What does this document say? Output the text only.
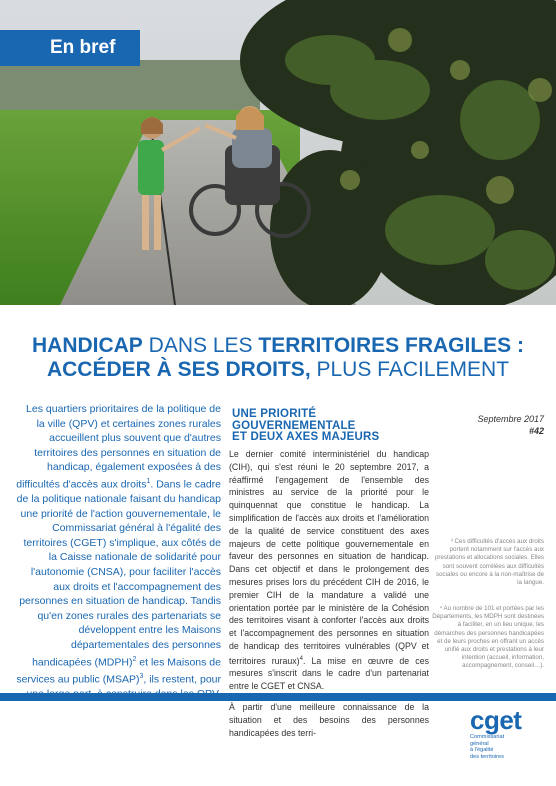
En bref
HANDICAP DANS LES TERRITOIRES FRAGILES :
ACCÉDER À SES DROITS, PLUS FACILEMENT
Les quartiers prioritaires de la politique de la ville (QPV) et certaines zones rurales accueillent plus souvent que d'autres territoires des personnes en situation de handicap, également exposées à des difficultés d'accès aux droits$^1$. Dans le cadre de la politique nationale faisant du handicap une priorité de l'action gouvernementale, le Commissariat général à l'égalité des territoires (CGET) s'implique, aux côtés de la Caisse nationale de solidarité pour l'autonomie (CNSA), pour faciliter l'accès aux droits et l'accompagnement des personnes en situation de handicap. Tandis qu'en zones rurales des partenariats se développent entre les Maisons départementales des personnes handicapées (MDPH)$^2$ et les Maisons de services au public (MSAP)$^3$, ils restent, pour
UNE PRIORITÉ
GOUVERNEMENTALE
ET DEUX AXES MAJEURS

Le dernier comité interministériel du handicap (CIH), qui s'est réuni le 20 septembre 2017, a réaffirmé l'engagement de l'ensemble des ministres au service de la priorité pour le quinquennat que constitue le handicap. La simplification de l'accès aux droits et l'amélioration de la qualité de service constituent des axes majeurs de cette politique gouvernementale en faveur des personnes en situation de handicap. Dans cet objectif et dans le prolongement des mesures prises lors du précédent CIH de 2016, le premier CIH de la mandature a validé une orientation portée par le ministère de la Cohésion des territoires visant à conforter l'accès aux droits et l'accompagnement des personnes en situation de handicap des territoires vulnérables (QPV et territoires ruraux)$^4$. La mise en œuvre de ces mesures s'inscrit dans le cadre d'un partenariat entre le CGET et CNSA.

À partir d'une meilleure connaissance de la situation et des besoins des personnes handicapées des terri-

Septembre 2017
#42
³ Ces difficultés d'accès aux droits portent notamment sur l'accès aux prestations et allocations sociales. Elles sont souvent corrélées aux difficultés sociales ou encore à la non-maîtrise de la langue.
⁴ Au nombre de 101 et portées par les Départements, les MDPH sont destinées à faciliter, en un lieu unique, les démarches des personnes handicapées et de leurs proches en offrant un accès unifié aux droits et prestations à leur intention (accueil, information, accompagnement, conseil…).
cget
Commissariat
général
à l'égalité
des territoires
